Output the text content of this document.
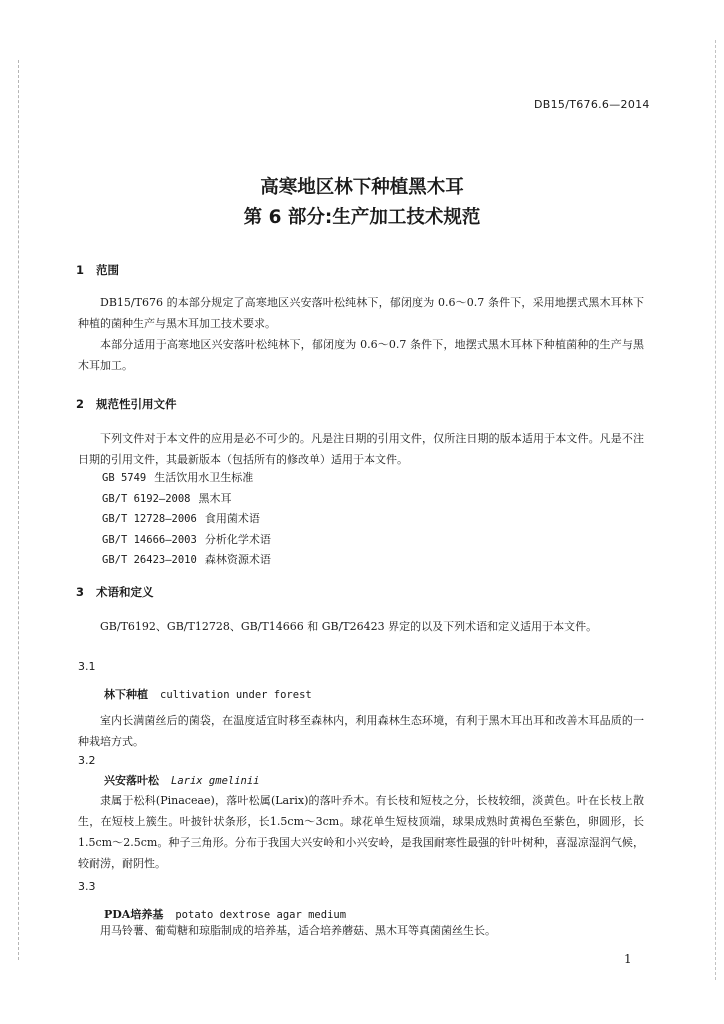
DB15/T676.6—2014
高寒地区林下种植黑木耳
第 6 部分:生产加工技术规范
1 范围

DB15/T676 的本部分规定了高寒地区兴安落叶松纯林下，郁闭度为 0.6～0.7 条件下，采用地摆式黑木耳林下种植的菌种生产与黑木耳加工技术要求。

本部分适用于高寒地区兴安落叶松纯林下，郁闭度为 0.6～0.7 条件下，地摆式黑木耳林下种植菌种的生产与黑木耳加工。

2 规范性引用文件

下列文件对于本文件的应用是必不可少的。凡是注日期的引用文件，仅所注日期的版本适用于本文件。凡是不注日期的引用文件，其最新版本（包括所有的修改单）适用于本文件。

GB 5749 生活饮用水卫生标准
GB/T 6192—2008 黑木耳
GB/T 12728—2006 食用菌术语
GB/T 14666—2003 分析化学术语
GB/T 26423—2010 森林资源术语
3 术语和定义

GB/T6192、GB/T12728、GB/T14666 和 GB/T26423 界定的以及下列术语和定义适用于本文件。

3.1
林下种植 cultivation under forest

室内长满菌丝后的菌袋，在温度适宜时移至森林内，利用森林生态环境，有利于黑木耳出耳和改善木耳品质的一种栽培方式。

3.2
兴安落叶松 Larix gmelinii

隶属于松科(Pinaceae)，落叶松属(Larix)的落叶乔木。有长枝和短枝之分，长枝较细，淡黄色。叶在长枝上散生，在短枝上簇生。叶披针状条形，长1.5cm～3cm。球花单生短枝顶端，球果成熟时黄褐色至紫色，卵圆形，长1.5cm～2.5cm。种子三角形。分布于我国大兴安岭和小兴安岭，是我国耐寒性最强的针叶树种，喜湿凉湿润气候，较耐涝，耐阴性。

3.3
PDA培养基 potato dextrose agar medium

用马铃薯、葡萄糖和琼脂制成的培养基，适合培养蘑菇、黑木耳等真菌菌丝生长。

1
